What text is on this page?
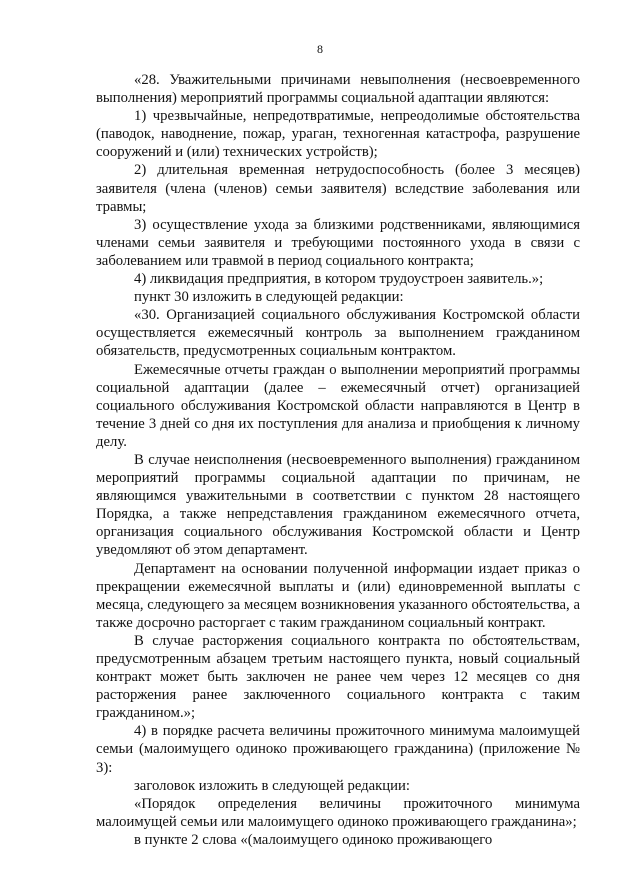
8

«28. Уважительными причинами невыполнения (несвоевременного выполнения) мероприятий программы социальной адаптации являются:

1) чрезвычайные, непредотвратимые, непреодолимые обстоятельства (паводок, наводнение, пожар, ураган, техногенная катастрофа, разрушение сооружений и (или) технических устройств);

2) длительная временная нетрудоспособность (более 3 месяцев) заявителя (члена (членов) семьи заявителя) вследствие заболевания или травмы;

3) осуществление ухода за близкими родственниками, являющимися членами семьи заявителя и требующими постоянного ухода в связи с заболеванием или травмой в период социального контракта;

4) ликвидация предприятия, в котором трудоустроен заявитель.»;

пункт 30 изложить в следующей редакции:

«30. Организацией социального обслуживания Костромской области осуществляется ежемесячный контроль за выполнением гражданином обязательств, предусмотренных социальным контрактом.

Ежемесячные отчеты граждан о выполнении мероприятий программы социальной адаптации (далее – ежемесячный отчет) организацией социального обслуживания Костромской области направляются в Центр в течение 3 дней со дня их поступления для анализа и приобщения к личному делу.

В случае неисполнения (несвоевременного выполнения) гражданином мероприятий программы социальной адаптации по причинам, не являющимся уважительными в соответствии с пунктом 28 настоящего Порядка, а также непредставления гражданином ежемесячного отчета, организация социального обслуживания Костромской области и Центр уведомляют об этом департамент.

Департамент на основании полученной информации издает приказ о прекращении ежемесячной выплаты и (или) единовременной выплаты с месяца, следующего за месяцем возникновения указанного обстоятельства, а также досрочно расторгает с таким гражданином социальный контракт.

В случае расторжения социального контракта по обстоятельствам, предусмотренным абзацем третьим настоящего пункта, новый социальный контракт может быть заключен не ранее чем через 12 месяцев со дня расторжения ранее заключенного социального контракта с таким гражданином.»;

4) в порядке расчета величины прожиточного минимума малоимущей семьи (малоимущего одиноко проживающего гражданина) (приложение № 3):

заголовок изложить в следующей редакции:

«Порядок определения величины прожиточного минимума малоимущей семьи или малоимущего одиноко проживающего гражданина»;

в пункте 2 слова «(малоимущего одиноко проживающего
